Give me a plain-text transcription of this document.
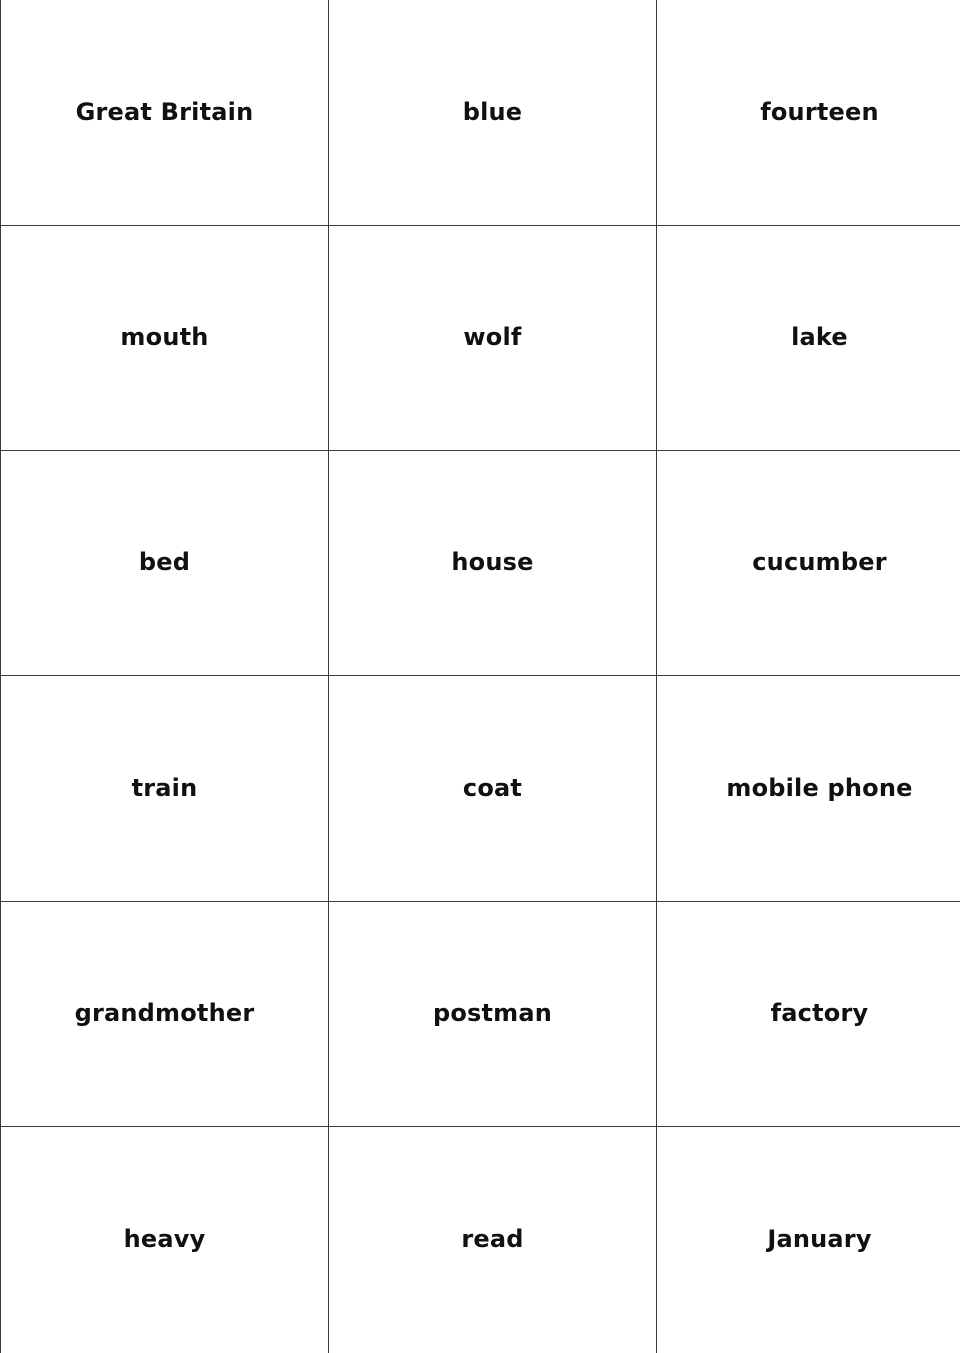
Great Britain	blue	fourteen
mouth	wolf	lake
bed	house	cucumber
train	coat	mobile phone
grandmother	postman	factory
heavy	read	January
